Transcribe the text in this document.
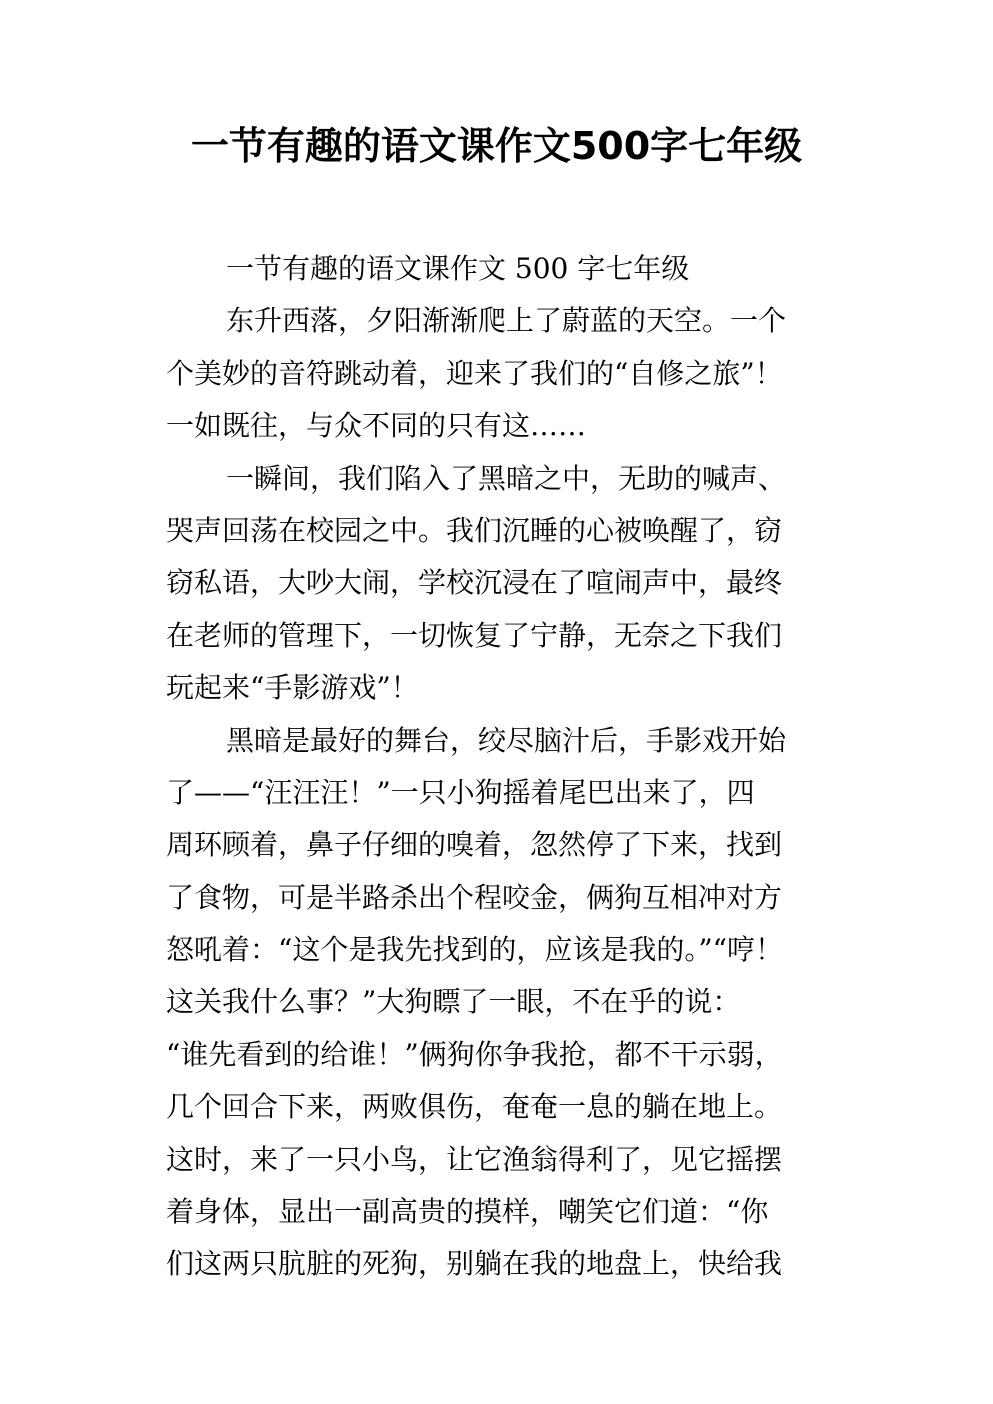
一节有趣的语文课作文500字七年级
一节有趣的语文课作文 500 字七年级
东升西落，夕阳渐渐爬上了蔚蓝的天空。一个
个美妙的音符跳动着，迎来了我们的“自修之旅”！
一如既往，与众不同的只有这……
一瞬间，我们陷入了黑暗之中，无助的喊声、
哭声回荡在校园之中。我们沉睡的心被唤醒了，窃
窃私语，大吵大闹，学校沉浸在了喧闹声中，最终
在老师的管理下，一切恢复了宁静，无奈之下我们
玩起来“手影游戏”！
黑暗是最好的舞台，绞尽脑汁后，手影戏开始
了——“汪汪汪！”一只小狗摇着尾巴出来了，四
周环顾着，鼻子仔细的嗅着，忽然停了下来，找到
了食物，可是半路杀出个程咬金，俩狗互相冲对方
怒吼着：“这个是我先找到的，应该是我的。”“哼！
这关我什么事？”大狗瞟了一眼，不在乎的说：
“谁先看到的给谁！”俩狗你争我抢，都不干示弱，
几个回合下来，两败俱伤，奄奄一息的躺在地上。
这时，来了一只小鸟，让它渔翁得利了，见它摇摆
着身体，显出一副高贵的摸样，嘲笑它们道：“你
们这两只肮脏的死狗，别躺在我的地盘上，快给我
